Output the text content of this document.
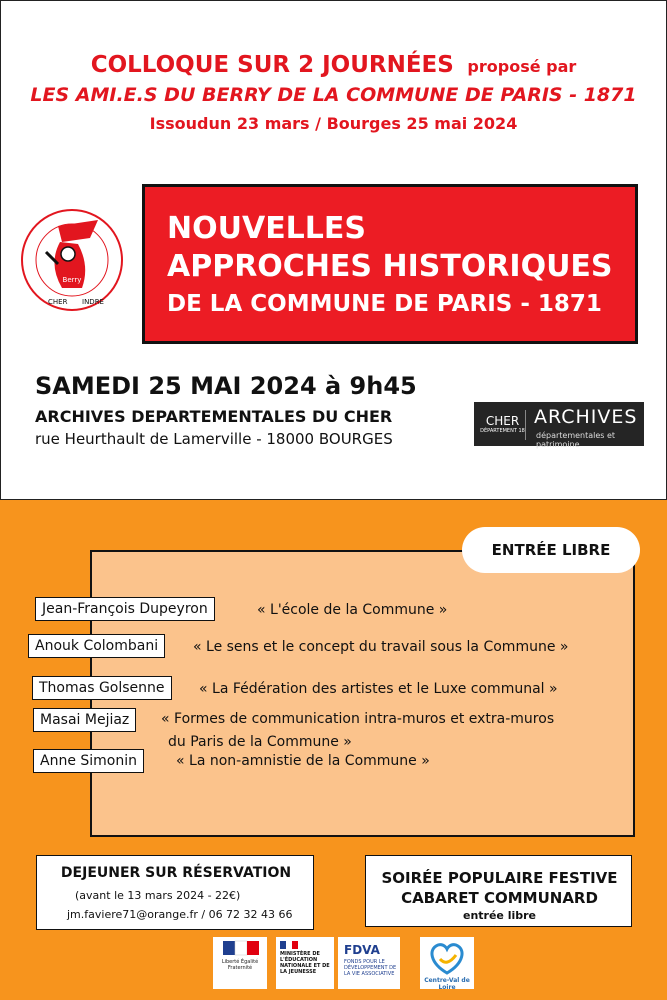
COLLOQUE SUR 2 JOURNÉES proposé par
LES AMI.E.S DU BERRY DE LA COMMUNE DE PARIS - 1871
Issoudun 23 mars / Bourges 25 mai 2024
Berry
CHER INDRE
NOUVELLES
APPROCHES HISTORIQUES
DE LA COMMUNE DE PARIS - 1871
SAMEDI 25 MAI 2024 à 9h45
ARCHIVES DEPARTEMENTALES DU CHER
rue Heurthault de Lamerville - 18000 BOURGES
CHER
DÉPARTEMENT 18
ARCHIVES
départementales et patrimoine
ENTRÉE LIBRE
Jean-François Dupeyron	« L'école de la Commune »
Anouk Colombani	« Le sens et le concept du travail sous la Commune »
Thomas Golsenne	« La Fédération des artistes et le Luxe communal »
Masai Mejiaz	« Formes de communication intra-muros et extra-muros
du Paris de la Commune »
Anne Simonin	« La non-amnistie de la Commune »
DEJEUNER SUR RÉSERVATION
(avant le 13 mars 2024 - 22€)
jm.faviere71@orange.fr / 06 72 32 43 66
SOIRÉE POPULAIRE FESTIVE
CABARET COMMUNARD
entrée libre
Liberté Égalité Fraternité
MINISTÈRE DE L'ÉDUCATION NATIONALE ET DE LA JEUNESSE
FDVA
FONDS POUR LE DÉVELOPPEMENT DE LA VIE ASSOCIATIVE
Centre-Val de Loire
